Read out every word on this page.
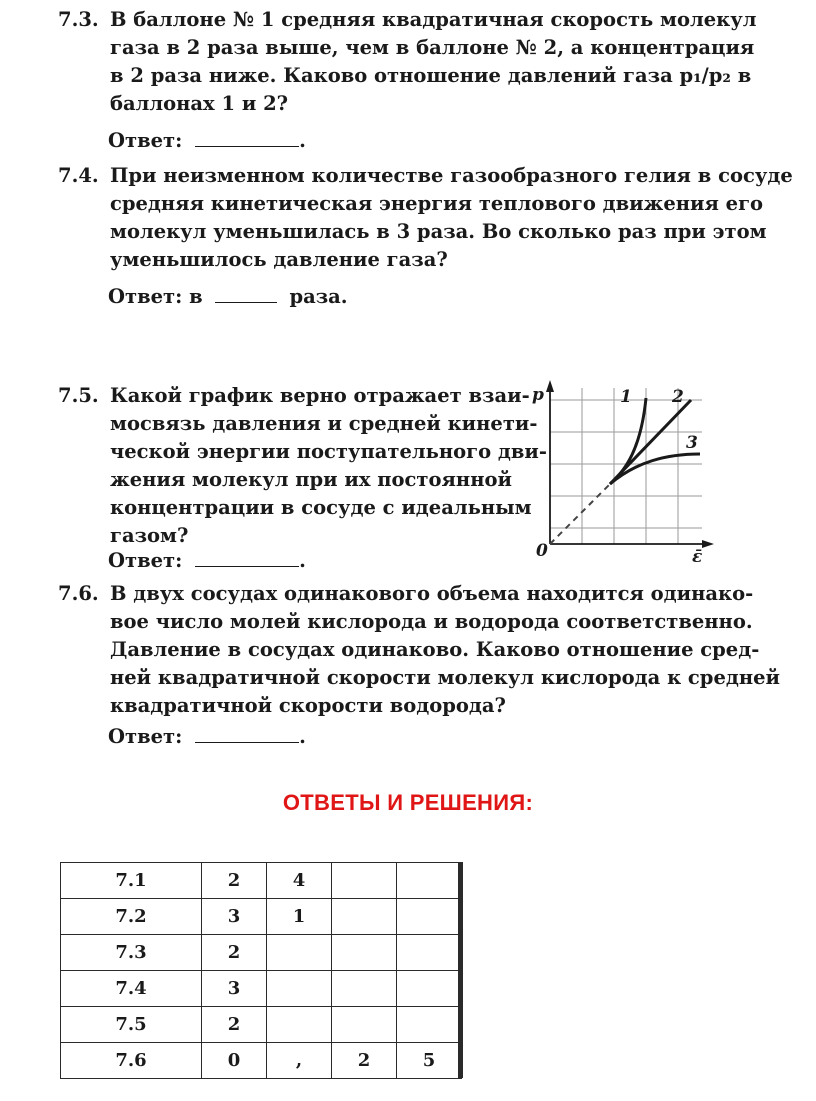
7.3. В баллоне № 1 средняя квадратичная скорость молекул
газа в 2 раза выше, чем в баллоне № 2, а концентрация
в 2 раза ниже. Каково отношение давлений газа p₁/p₂ в
баллонах 1 и 2?
Ответ:	.
7.4. При неизменном количестве газообразного гелия в сосуде
средняя кинетическая энергия теплового движения его
молекул уменьшилась в 3 раза. Во сколько раз при этом
уменьшилось давление газа?
Ответ: в	раза.
7.5. Какой график верно отражает взаи-
мосвязь давления и средней кинети-
ческой энергии поступательного дви-
жения молекул при их постоянной
концентрации в сосуде с идеальным
газом?
Ответ:	.
p
0	ε̄
1 2
3
7.6. В двух сосудах одинакового объема находится одинако-
вое число молей кислорода и водорода соответственно.
Давление в сосудах одинаково. Каково отношение сред-
ней квадратичной скорости молекул кислорода к средней
квадратичной скорости водорода?
Ответ:	.
ОТВЕТЫ И РЕШЕНИЯ:
7.1	2	4		
7.2	3	1		
7.3	2			
7.4	3			
7.5	2			
7.6	0	,	2	5
